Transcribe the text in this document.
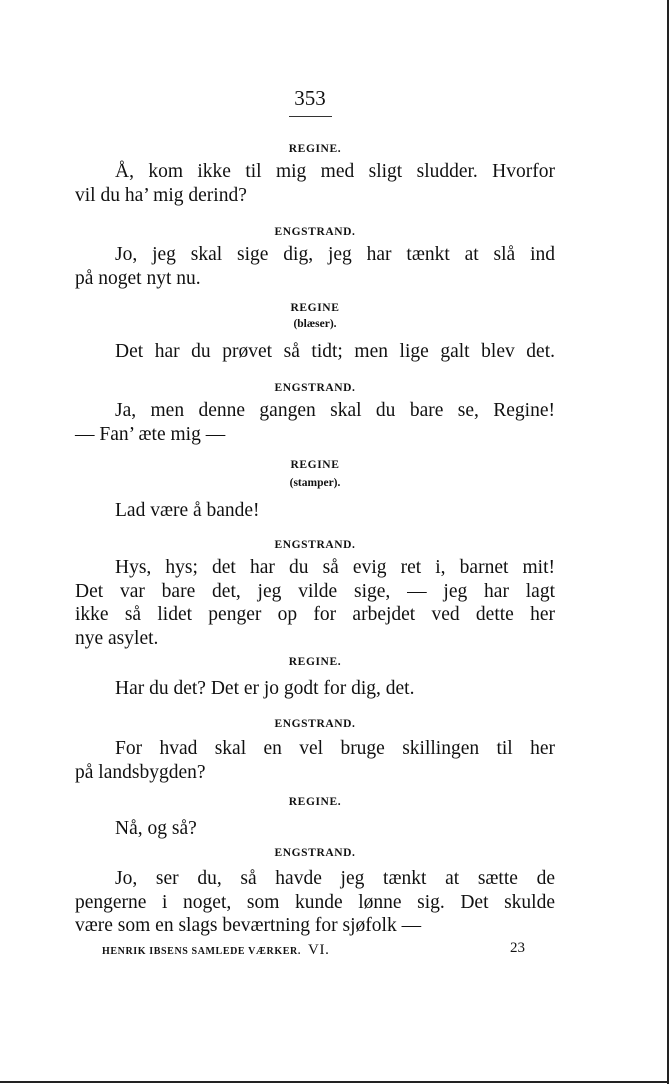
353
REGINE.
Å, kom ikke til mig med sligt sludder. Hvorfor
vil du ha’ mig derind?
ENGSTRAND.
Jo, jeg skal sige dig, jeg har tænkt at slå ind
på noget nyt nu.
REGINE
(blæser).
Det har du prøvet så tidt; men lige galt blev det.
ENGSTRAND.
Ja, men denne gangen skal du bare se, Regine!
— Fan’ æte mig —
REGINE
(stamper).
Lad være å bande!
ENGSTRAND.
Hys, hys; det har du så evig ret i, barnet mit!
Det var bare det, jeg vilde sige, — jeg har lagt
ikke så lidet penger op for arbejdet ved dette her
nye asylet.
REGINE.
Har du det? Det er jo godt for dig, det.
ENGSTRAND.
For hvad skal en vel bruge skillingen til her
på landsbygden?
REGINE.
Nå, og så?
ENGSTRAND.
Jo, ser du, så havde jeg tænkt at sætte de
pengerne i noget, som kunde lønne sig. Det skulde
være som en slags beværtning for sjøfolk —
HENRIK IBSENS SAMLEDE VÆRKER. VI.	23
